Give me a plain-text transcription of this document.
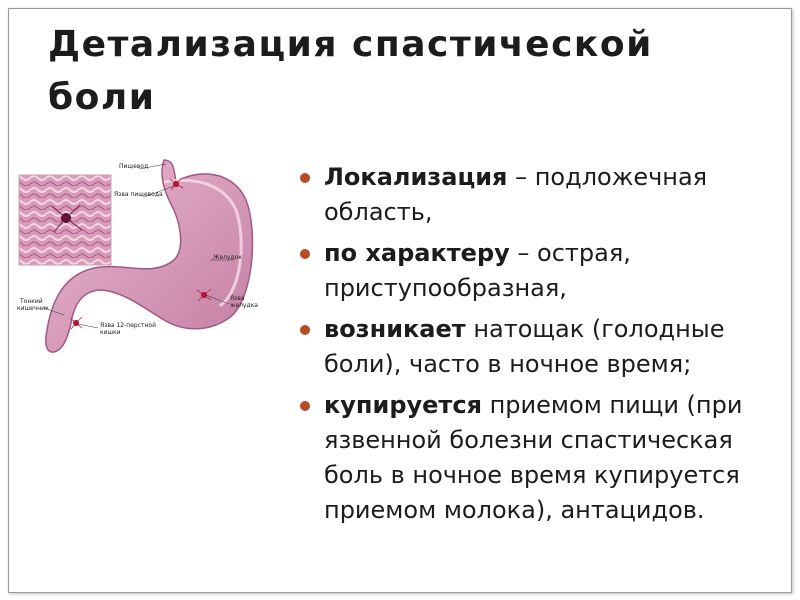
Детализация спастической боли
Пищевод
Язва пищевода
Желудок
Язва
желудка
Тонкий
кишечник
Язва 12-перстной
кишки
Локализация – подложечная область,
по характеру – острая, приступообразная,
возникает натощак (голодные боли), часто в ночное время;
купируется приемом пищи (при язвенной болезни спастическая боль в ночное время купируется приемом молока), антацидов.
